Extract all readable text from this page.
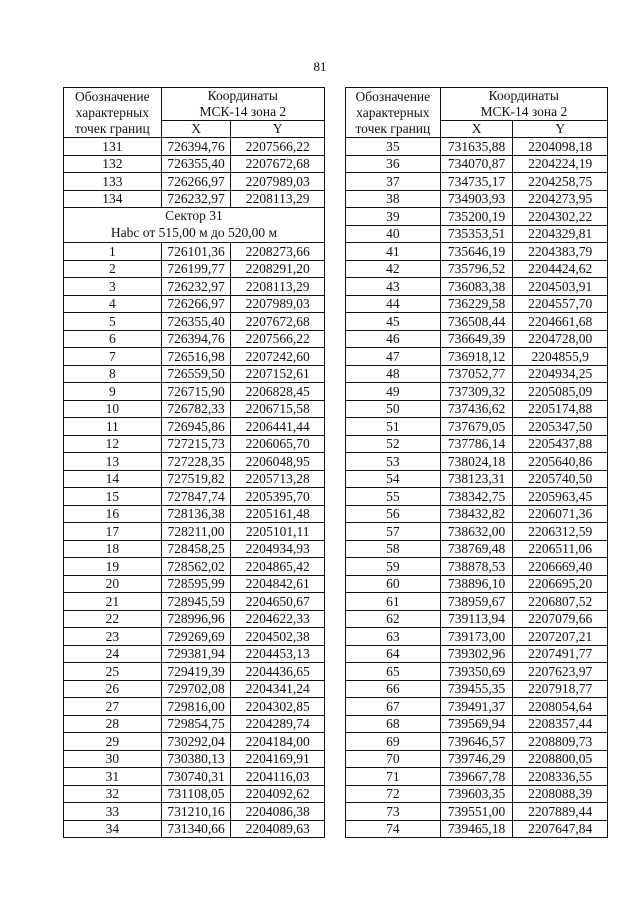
81
Обозначение
характерных
точек границ	Координаты
МСК-14 зона 2	
	X	Y
131	726394,76	2207566,22
132	726355,40	2207672,68
133	726266,97	2207989,03
134	726232,97	2208113,29
Сектор 31
Нabс от 515,00 м до 520,00 м		
1	726101,36	2208273,66
2	726199,77	2208291,20
3	726232,97	2208113,29
4	726266,97	2207989,03
5	726355,40	2207672,68
6	726394,76	2207566,22
7	726516,98	2207242,60
8	726559,50	2207152,61
9	726715,90	2206828,45
10	726782,33	2206715,58
11	726945,86	2206441,44
12	727215,73	2206065,70
13	727228,35	2206048,95
14	727519,82	2205713,28
15	727847,74	2205395,70
16	728136,38	2205161,48
17	728211,00	2205101,11
18	728458,25	2204934,93
19	728562,02	2204865,42
20	728595,99	2204842,61
21	728945,59	2204650,67
22	728996,96	2204622,33
23	729269,69	2204502,38
24	729381,94	2204453,13
25	729419,39	2204436,65
26	729702,08	2204341,24
27	729816,00	2204302,85
28	729854,75	2204289,74
29	730292,04	2204184,00
30	730380,13	2204169,91
31	730740,31	2204116,03
32	731108,05	2204092,62
33	731210,16	2204086,38
34	731340,66	2204089,63
Обозначение
характерных
точек границ	Координаты
МСК-14 зона 2	
	X	Y
35	731635,88	2204098,18
36	734070,87	2204224,19
37	734735,17	2204258,75
38	734903,93	2204273,95
39	735200,19	2204302,22
40	735353,51	2204329,81
41	735646,19	2204383,79
42	735796,52	2204424,62
43	736083,38	2204503,91
44	736229,58	2204557,70
45	736508,44	2204661,68
46	736649,39	2204728,00
47	736918,12	2204855,9
48	737052,77	2204934,25
49	737309,32	2205085,09
50	737436,62	2205174,88
51	737679,05	2205347,50
52	737786,14	2205437,88
53	738024,18	2205640,86
54	738123,31	2205740,50
55	738342,75	2205963,45
56	738432,82	2206071,36
57	738632,00	2206312,59
58	738769,48	2206511,06
59	738878,53	2206669,40
60	738896,10	2206695,20
61	738959,67	2206807,52
62	739113,94	2207079,66
63	739173,00	2207207,21
64	739302,96	2207491,77
65	739350,69	2207623,97
66	739455,35	2207918,77
67	739491,37	2208054,64
68	739569,94	2208357,44
69	739646,57	2208809,73
70	739746,29	2208800,05
71	739667,78	2208336,55
72	739603,35	2208088,39
73	739551,00	2207889,44
74	739465,18	2207647,84
